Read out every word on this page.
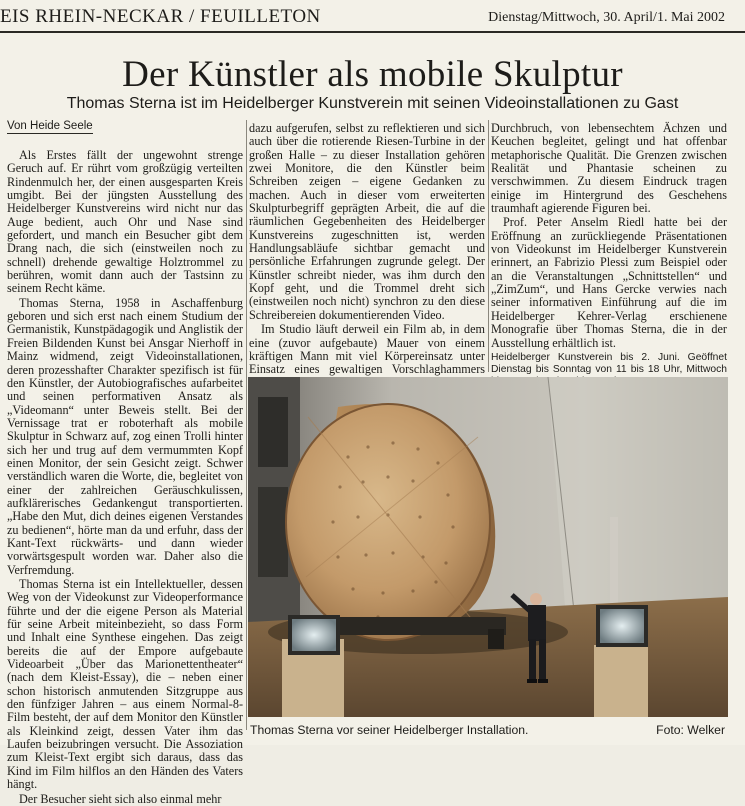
EIS RHEIN-NECKAR / FEUILLETON	Dienstag/Mittwoch, 30. April/1. Mai 2002
Der Künstler als mobile Skulptur
Thomas Sterna ist im Heidelberger Kunstverein mit seinen Videoinstallationen zu Gast
Von Heide Seele

Als Erstes fällt der ungewohnt strenge Geruch auf. Er rührt vom großzügig verteilten Rindenmulch her, der einen ausgesparten Kreis umgibt. Bei der jüngsten Ausstellung des Heidelberger Kunstvereins wird nicht nur das Auge bedient, auch Ohr und Nase sind gefordert, und manch ein Besucher gibt dem Drang nach, die sich (einstweilen noch zu schnell) drehende gewaltige Holztrommel zu berühren, womit dann auch der Tastsinn zu seinem Recht käme.

Thomas Sterna, 1958 in Aschaffenburg geboren und sich erst nach einem Studium der Germanistik, Kunstpädagogik und Anglistik der Freien Bildenden Kunst bei Ansgar Nierhoff in Mainz widmend, zeigt Videoinstallationen, deren prozesshafter Charakter spezifisch ist für den Künstler, der Autobiografisches aufarbeitet und seinen performativen Ansatz als „Videomann“ unter Beweis stellt. Bei der Vernissage trat er roboterhaft als mobile Skulptur in Schwarz auf, zog einen Trolli hinter sich her und trug auf dem vermummten Kopf einen Monitor, der sein Gesicht zeigt. Schwer verständlich waren die Worte, die, begleitet von einer der zahlreichen Geräuschkulissen, aufklärerisches Gedankengut transportierten. „Habe den Mut, dich deines eigenen Verstandes zu bedienen“, hörte man da und erfuhr, dass der Kant-Text rückwärts- und dann wieder vorwärtsgespult worden war. Daher also die Verfremdung.

Thomas Sterna ist ein Intellektueller, dessen Weg von der Videokunst zur Videoperformance führte und der die eigene Person als Material für seine Arbeit miteinbezieht, so dass Form und Inhalt eine Synthese eingehen. Das zeigt bereits die auf der Empore aufgebaute Videoarbeit „Über das Marionettentheater“ (nach dem Kleist-Essay), die – neben einer schon historisch anmutenden Sitzgruppe aus den fünfziger Jahren – aus einem Normal-8-Film besteht, der auf dem Monitor den Künstler als Kleinkind zeigt, dessen Vater ihm das Laufen beizubringen versucht. Die Assoziation zum Kleist-Text ergibt sich daraus, dass das Kind im Film hilflos an den Händen des Vaters hängt.

Der Besucher sieht sich also einmal mehr

dazu aufgerufen, selbst zu reflektieren und sich auch über die rotierende Riesen-Turbine in der großen Halle – zu dieser Installation gehören zwei Monitore, die den Künstler beim Schreiben zeigen – eigene Gedanken zu machen. Auch in dieser vom erweiterten Skulpturbegriff geprägten Arbeit, die auf die räumlichen Gegebenheiten des Heidelberger Kunstvereins zugeschnitten ist, werden Handlungsabläufe sichtbar gemacht und persönliche Erfahrungen zugrunde gelegt. Der Künstler schreibt nieder, was ihm durch den Kopf geht, und die Trommel dreht sich (einstweilen noch nicht) synchron zu den diese Schreibereien dokumentierenden Video.

Im Studio läuft derweil ein Film ab, in dem eine (zuvor aufgebaute) Mauer von einem kräftigen Mann mit viel Körpereinsatz unter Einsatz eines gewaltigen Vorschlaghammers

Durchbruch, von lebensechtem Ächzen und Keuchen begleitet, gelingt und hat offenbar metaphorische Qualität. Die Grenzen zwischen Realität und Phantasie scheinen zu verschwimmen. Zu diesem Eindruck tragen einige im Hintergrund des Geschehens traumhaft agierende Figuren bei.

Prof. Peter Anselm Riedl hatte bei der Eröffnung an zurückliegende Präsentationen von Videokunst im Heidelberger Kunstverein erinnert, an Fabrizio Plessi zum Beispiel oder an die Veranstaltungen „Schnittstellen“ und „ZimZum“, und Hans Gercke verwies nach seiner informativen Einführung auf die im Heidelberger Kehrer-Verlag erschienene Monografie über Thomas Sterna, die in der Ausstellung erhältlich ist.

Heidelberger Kunstverein bis 2. Juni. Geöffnet Dienstag bis Sonntag von 11 bis 18 Uhr, Mittwoch

Thomas Sterna vor seiner Heidelberger Installation.	Foto: Welker
